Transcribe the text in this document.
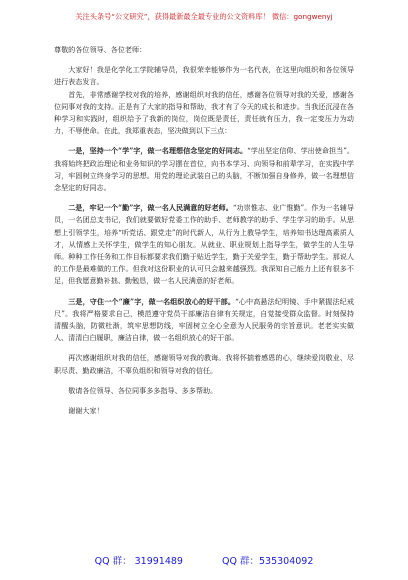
关注头条号“公文研究”，获得最新最全最专业的公文资料库！ 微信：gongwenyj

尊敬的各位领导、各位老师：

大家好！我是化学化工学院辅导员，我很荣幸能够作为一名代表，在这里向组织和各位领导进行表态发言。

首先，非常感谢学校对我的培养，感谢组织对我的信任，感谢各位领导对我的关爱，感谢各位同事对我的支持。正是有了大家的指导和帮助，我才有了今天的成长和进步。当我还沉浸在各种学习和实践时，组织给予了我新的岗位，岗位既是责任，责任就有压力，我一定变压力为动力，不辱使命。在此，我郑重表态，坚决做到以下三点：

一是，坚持一个“学”字，做一名理想信念坚定的好同志。“学出坚定信仰、学出使命担当”。我将始终把政治理论和业务知识的学习摆在首位，向书本学习、向领导和前辈学习，在实践中学习，牢固树立终身学习的思想。用党的理论武装自己的头脑，不断加强自身修养，做一名理想信念坚定的好同志。

二是，牢记一个“勤”字，做一名人民满意的好老师。“功崇惟志、业广惟勤”。作为一名辅导员，一名团总支书记，我们就要做好党委工作的助手、老师教学的助手、学生学习的助手。从思想上引领学生，培养“听党话、跟党走”的时代新人，从行为上教导学生，培养知书达理高素质人才，从情感上关怀学生，做学生的知心朋友。从就业、职业规划上指导学生，做学生的人生导师。种种工作任务和工作目标都要求我们勤于贴近学生，勤于关爱学生，勤于帮助学生。那说人的工作是最难做的工作。但我对这份职业的认可只会越来越强烈。我深知自己能力上还有很多不足，但我愿意勤补拙、勤勉恳，做一名人民满意的好老师。

三是，守住一个“廉”字，做一名组织放心的好干部。“心中高悬法纪明镜、手中紧握法纪戒尺”。我将严格要求自己，模范遵守党员干部廉洁自律有关规定，自觉接受群众监督。时刻保持清醒头脑，防微杜渐，筑牢思想防线，牢固树立全心全意为人民服务的宗旨意识。老老实实做人、清清白白履职，廉洁自律，做一名组织放心的好干部。

再次感谢组织对我的信任，感谢领导对我的教诲。我将怀揣着感恩的心，继续爱岗敬业、尽职尽责、勤政廉洁，不辜负组织和领导对我的信任。

敬请各位领导、各位同事多多指导、多多帮助。

谢谢大家！

QQ 群： 31991489	QQ 群：535304092
